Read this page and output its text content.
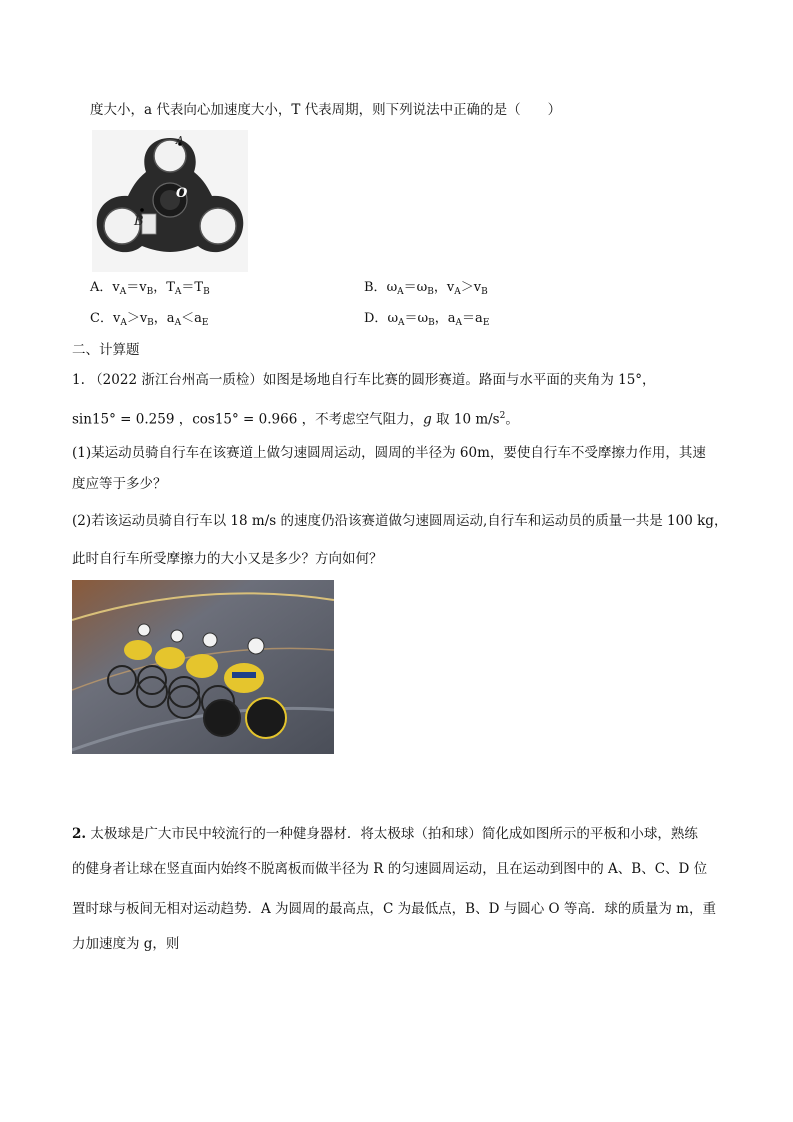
度大小，a 代表向心加速度大小，T 代表周期，则下列说法中正确的是（　　）
A
O
B
A．$v_A=v_B$，$T_A=T_B$	B．$\omega_A=\omega_B$，$v_A>v_B$
C．$v_A>v_B$，$a_A<a_E$	D．$\omega_A=\omega_B$，$a_A=a_E$
二、计算题
1. （2022 浙江台州高一质检）如图是场地自行车比赛的圆形赛道。路面与水平面的夹角为 15°，
sin15° = 0.259 ，cos15° = 0.966 ，不考虑空气阻力，g 取 10 $m/s^2$。
(1)某运动员骑自行车在该赛道上做匀速圆周运动，圆周的半径为 60m，要使自行车不受摩擦力作用，其速
度应等于多少？
(2)若该运动员骑自行车以 18 m/s 的速度仍沿该赛道做匀速圆周运动,自行车和运动员的质量一共是 100 kg，
此时自行车所受摩擦力的大小又是多少？方向如何？
2. 太极球是广大市民中较流行的一种健身器材．将太极球（拍和球）简化成如图所示的平板和小球，熟练
的健身者让球在竖直面内始终不脱离板而做半径为 R 的匀速圆周运动，且在运动到图中的 A、B、C、D 位
置时球与板间无相对运动趋势．A 为圆周的最高点，C 为最低点，B、D 与圆心 O 等高．球的质量为 m，重
力加速度为 g，则
